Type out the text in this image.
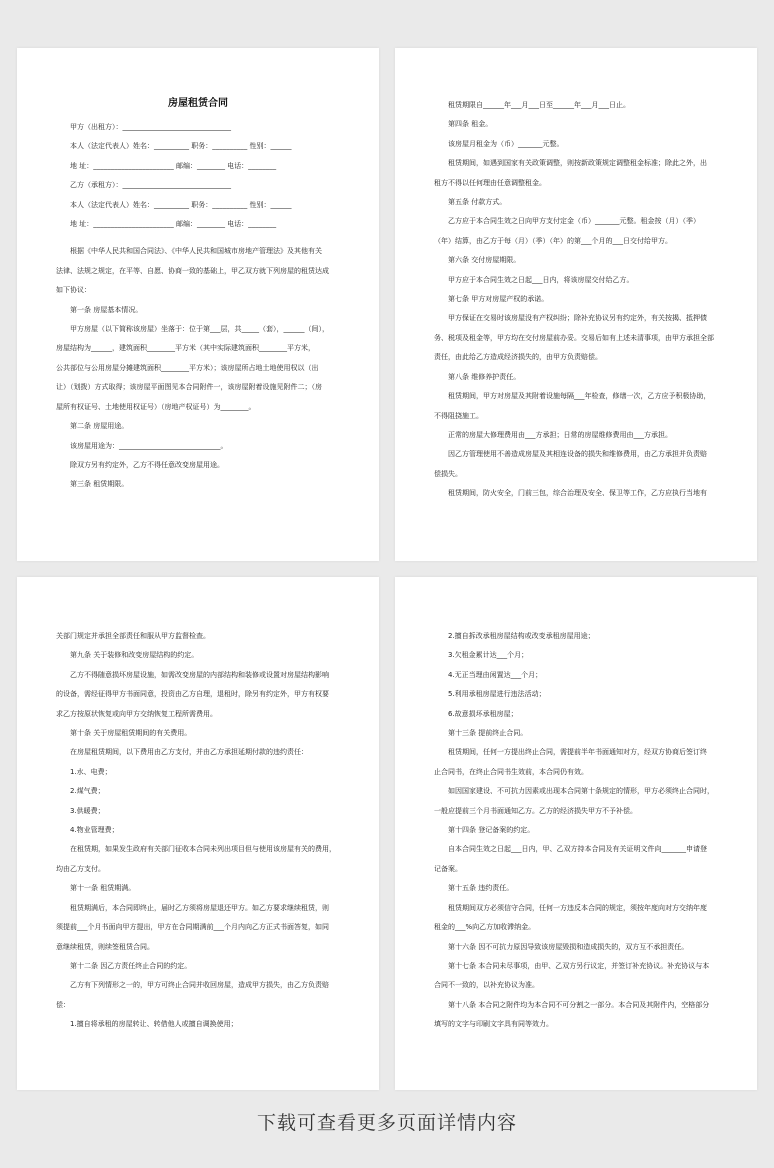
房屋租赁合同
甲方（出租方）：_______________________________
本人（法定代表人）姓名：__________ 职务：__________ 性别：______
地 址：_______________________ 邮编：________ 电话：________
乙方（承租方）：_______________________________
本人（法定代表人）姓名：__________ 职务：__________ 性别：______
地 址：_______________________ 邮编：________ 电话：________
根据《中华人民共和国合同法》、《中华人民共和国城市房地产管理法》及其他有关
法律、法规之规定，在平等、自愿、协商一致的基础上，甲乙双方就下列房屋的租赁达成
如下协议：
第一条 房屋基本情况。
甲方房屋（以下简称该房屋）坐落于：位于第___层，共_____（套），______（间），
房屋结构为______，建筑面积________平方米（其中实际建筑面积________平方米，
公共部位与公用房屋分摊建筑面积________平方米）；该房屋所占地土地使用权以（出
让）（划拨）方式取得；该房屋平面图见本合同附件一，该房屋附着设施见附件二；（房
屋所有权证号、土地使用权证号）（房地产权证号）为________。
第二条 房屋用途。
该房屋用途为：_____________________________。
除双方另有约定外，乙方不得任意改变房屋用途。
第三条 租赁期限。
租赁期限自______年___月___日至______年___月___日止。
第四条 租金。
该房屋月租金为（币）_______元整。
租赁期间，如遇到国家有关政策调整，则按新政策规定调整租金标准；除此之外，出
租方不得以任何理由任意调整租金。
第五条 付款方式。
乙方应于本合同生效之日向甲方支付定金（币）_______元整。租金按（月）（季）
（年）结算，由乙方于每（月）（季）（年）的第___个月的___日交付给甲方。
第六条 交付房屋期限。
甲方应于本合同生效之日起___日内，将该房屋交付给乙方。
第七条 甲方对房屋产权的承诺。
甲方保证在交易时该房屋没有产权纠纷；除补充协议另有约定外，有关按揭、抵押债
务、税项及租金等，甲方均在交付房屋前办妥。交易后如有上述未清事项，由甲方承担全部
责任，由此给乙方造成经济损失的，由甲方负责赔偿。
第八条 维修养护责任。
租赁期间，甲方对房屋及其附着设施每隔___年检查，修缮一次，乙方应予积极协助，
不得阻挠施工。
正常的房屋大修理费用由___方承担；日常的房屋维修费用由___方承担。
因乙方管理使用不善造成房屋及其相连设备的损失和维修费用，由乙方承担并负责赔
偿损失。
租赁期间，防火安全，门前三包，综合治理及安全、保卫等工作，乙方应执行当地有
关部门规定并承担全部责任和服从甲方监督检查。
第九条 关于装修和改变房屋结构的约定。
乙方不得随意损坏房屋设施，如需改变房屋的内部结构和装修或设置对房屋结构影响
的设备，需经征得甲方书面同意，投资由乙方自理，退租时，除另有约定外，甲方有权要
求乙方按原状恢复或向甲方交纳恢复工程所需费用。
第十条 关于房屋租赁期间的有关费用。
在房屋租赁期间，以下费用由乙方支付，并由乙方承担延期付款的违约责任：
1.水、电费；
2.煤气费；
3.供暖费；
4.物业管理费；
在租赁期，如果发生政府有关部门征收本合同未列出项目但与使用该房屋有关的费用，
均由乙方支付。
第十一条 租赁期满。
租赁期满后，本合同即终止，届时乙方须将房屋退还甲方。如乙方要求继续租赁，则
须提前___个月书面向甲方提出，甲方在合同期满前___个月内向乙方正式书面答复，如同
意继续租赁，则续签租赁合同。
第十二条 因乙方责任终止合同的约定。
乙方有下列情形之一的，甲方可终止合同并收回房屋，造成甲方损失，由乙方负责赔
偿：
1.擅自将承租的房屋转让、转借他人或擅自调换使用；
2.擅自拆改承租房屋结构或改变承租房屋用途；
3.欠租金累计达___个月；
4.无正当理由闲置达___个月；
5.利用承租房屋进行违法活动；
6.故意损坏承租房屋；
第十三条 提前终止合同。
租赁期间，任何一方提出终止合同，需提前半年书面通知对方，经双方协商后签订终
止合同书，在终止合同书生效前，本合同仍有效。
如因国家建设、不可抗力因素或出现本合同第十条规定的情形，甲方必须终止合同时，
一般应提前三个月书面通知乙方。乙方的经济损失甲方不予补偿。
第十四条 登记备案的约定。
自本合同生效之日起___日内，甲、乙双方持本合同及有关证明文件向_______申请登
记备案。
第十五条 违约责任。
租赁期间双方必须信守合同，任何一方违反本合同的规定，须按年度向对方交纳年度
租金的___%向乙方加收滞纳金。
第十六条 因不可抗力原因导致该房屋毁损和造成损失的，双方互不承担责任。
第十七条 本合同未尽事项，由甲、乙双方另行议定，并签订补充协议。补充协议与本
合同不一致的，以补充协议为准。
第十八条 本合同之附件均为本合同不可分割之一部分。本合同及其附件内，空格部分
填写的文字与印刷文字具有同等效力。
下载可查看更多页面详情内容
